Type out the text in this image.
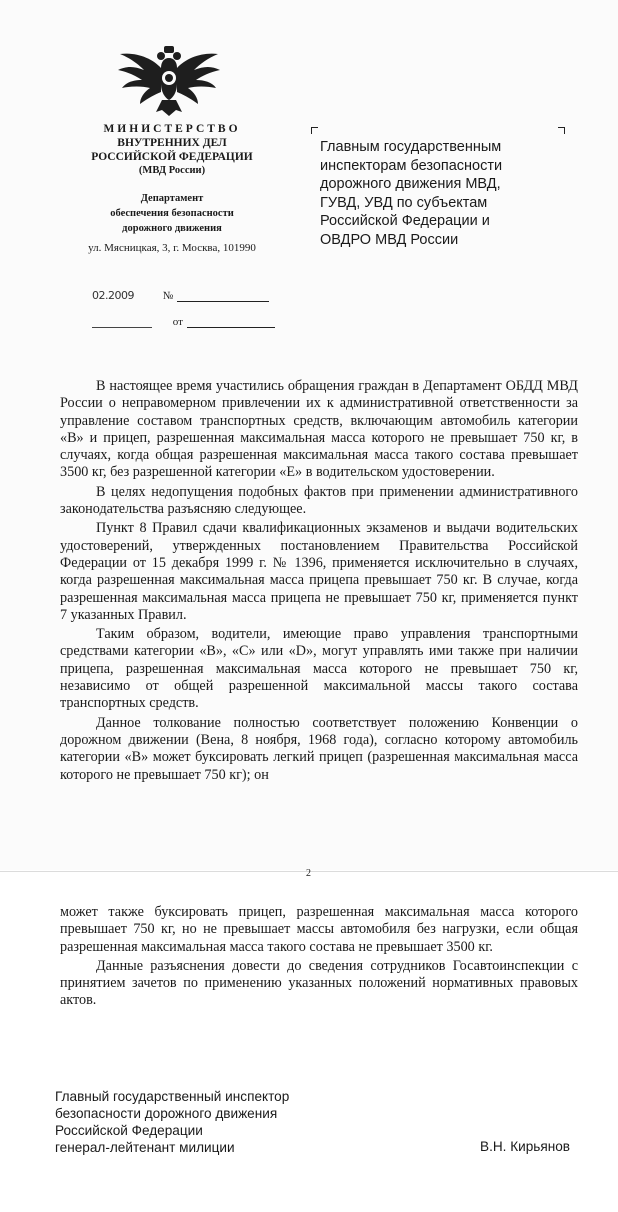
МИНИСТЕРСТВО
ВНУТРЕННИХ ДЕЛ
РОССИЙСКОЙ ФЕДЕРАЦИИ
(МВД России)
Департамент
обеспечения безопасности
дорожного движения
ул. Мясницкая, 3, г. Москва, 101990
02.2009	№
от
Главным государственным
инспекторам безопасности
дорожного движения МВД,
ГУВД, УВД по субъектам
Российской Федерации и
ОВДРО МВД России

В настоящее время участились обращения граждан в Департамент ОБДД МВД России о неправомерном привлечении их к административной ответственности за управление составом транспортных средств, включающим автомобиль категории «В» и прицеп, разрешенная максимальная масса которого не превышает 750 кг, в случаях, когда общая разрешенная максимальная масса такого состава превышает 3500 кг, без разрешенной категории «Е» в водительском удостоверении.

В целях недопущения подобных фактов при применении административного законодательства разъясняю следующее.

Пункт 8 Правил сдачи квалификационных экзаменов и выдачи водительских удостоверений, утвержденных постановлением Правительства Российской Федерации от 15 декабря 1999 г. № 1396, применяется исключительно в случаях, когда разрешенная максимальная масса прицепа превышает 750 кг. В случае, когда разрешенная максимальная масса прицепа не превышает 750 кг, применяется пункт 7 указанных Правил.

Таким образом, водители, имеющие право управления транспортными средствами категории «В», «С» или «D», могут управлять ими также при наличии прицепа, разрешенная максимальная масса которого не превышает 750 кг, независимо от общей разрешенной максимальной массы такого состава транспортных средств.

Данное толкование полностью соответствует положению Конвенции о дорожном движении (Вена, 8 ноября, 1968 года), согласно которому автомобиль категории «В» может буксировать легкий прицеп (разрешенная максимальная масса которого не превышает 750 кг); он

2

может также буксировать прицеп, разрешенная максимальная масса которого превышает 750 кг, но не превышает массы автомобиля без нагрузки, если общая разрешенная максимальная масса такого состава не превышает 3500 кг.

Данные разъяснения довести до сведения сотрудников Госавтоинспекции с принятием зачетов по применению указанных положений нормативных правовых актов.

Главный государственный инспектор
безопасности дорожного движения
Российской Федерации
генерал-лейтенант милиции	В.Н. Кирьянов
